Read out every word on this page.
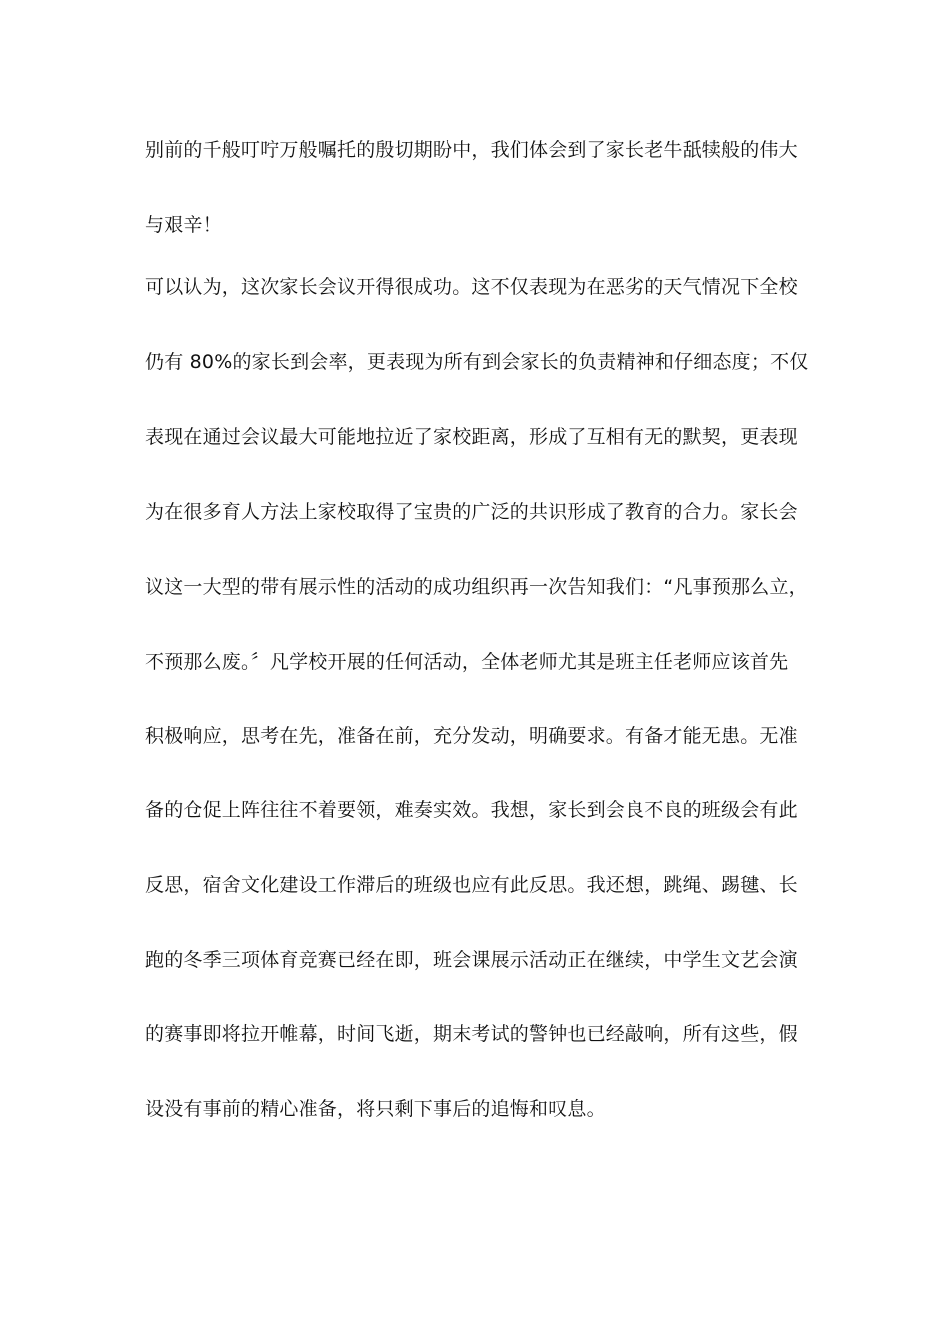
别前的千般叮咛万般嘱托的殷切期盼中，我们体会到了家长老牛舐犊般的伟大
与艰辛！
可以认为，这次家长会议开得很成功。这不仅表现为在恶劣的天气情况下全校
仍有 80%的家长到会率，更表现为所有到会家长的负责精神和仔细态度；不仅
表现在通过会议最大可能地拉近了家校距离，形成了互相有无的默契，更表现
为在很多育人方法上家校取得了宝贵的广泛的共识形成了教育的合力。家长会
议这一大型的带有展示性的活动的成功组织再一次告知我们：“凡事预那么立，
不预那么废。〞凡学校开展的任何活动，全体老师尤其是班主任老师应该首先
积极响应，思考在先，准备在前，充分发动，明确要求。有备才能无患。无准
备的仓促上阵往往不着要领，难奏实效。我想，家长到会良不良的班级会有此
反思，宿舍文化建设工作滞后的班级也应有此反思。我还想，跳绳、踢毽、长
跑的冬季三项体育竞赛已经在即，班会课展示活动正在继续，中学生文艺会演
的赛事即将拉开帷幕，时间飞逝，期末考试的警钟也已经敲响，所有这些，假
设没有事前的精心准备，将只剩下事后的追悔和叹息。
